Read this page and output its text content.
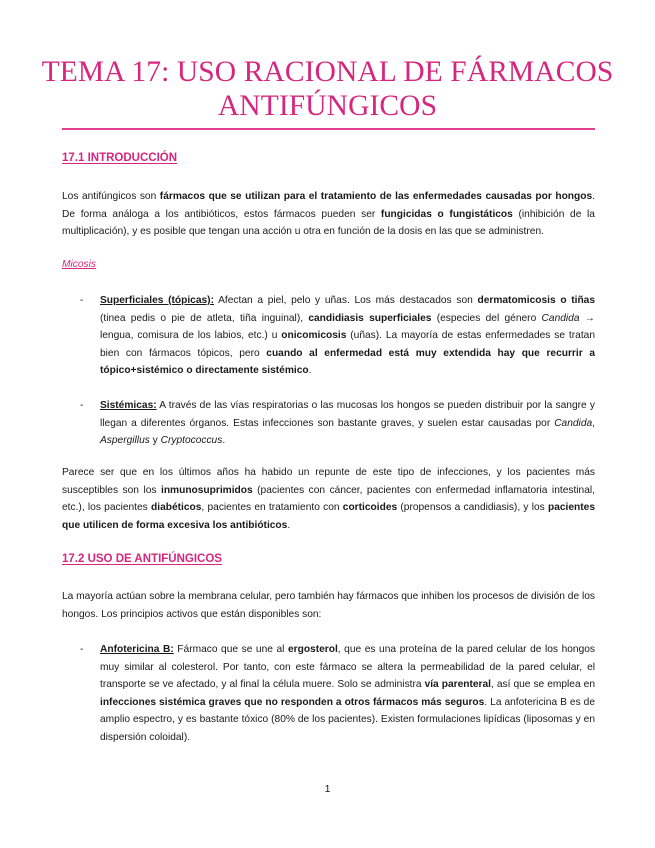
TEMA 17: USO RACIONAL DE FÁRMACOS
ANTIFÚNGICOS
17.1 INTRODUCCIÓN

Los antifúngicos son fármacos que se utilizan para el tratamiento de las enfermedades causadas por hongos. De forma análoga a los antibióticos, estos fármacos pueden ser fungicidas o fungistáticos (inhibición de la multiplicación), y es posible que tengan una acción u otra en función de la dosis en las que se administren.

Micosis

- Superficiales (tópicas): Afectan a piel, pelo y uñas. Los más destacados son dermatomicosis o tiñas (tinea pedis o pie de atleta, tiña inguinal), candidiasis superficiales (especies del género Candida → lengua, comisura de los labios, etc.) u onicomicosis (uñas). La mayoría de estas enfermedades se tratan bien con fármacos tópicos, pero cuando al enfermedad está muy extendida hay que recurrir a tópico+sistémico o directamente sistémico.

- Sistémicas: A través de las vías respiratorias o las mucosas los hongos se pueden distribuir por la sangre y llegan a diferentes órganos. Estas infecciones son bastante graves, y suelen estar causadas por Candida, Aspergillus y Cryptococcus.

Parece ser que en los últimos años ha habido un repunte de este tipo de infecciones, y los pacientes más susceptibles son los inmunosuprimidos (pacientes con cáncer, pacientes con enfermedad inflamatoria intestinal, etc.), los pacientes diabéticos, pacientes en tratamiento con corticoides (propensos a candidiasis), y los pacientes que utilicen de forma excesiva los antibióticos.

17.2 USO DE ANTIFÚNGICOS

La mayoría actúan sobre la membrana celular, pero también hay fármacos que inhiben los procesos de división de los hongos. Los principios activos que están disponibles son:

- Anfotericina B: Fármaco que se une al ergosterol, que es una proteína de la pared celular de los hongos muy similar al colesterol. Por tanto, con este fármaco se altera la permeabilidad de la pared celular, el transporte se ve afectado, y al final la célula muere. Solo se administra vía parenteral, así que se emplea en infecciones sistémica graves que no responden a otros fármacos más seguros. La anfotericina B es de amplio espectro, y es bastante tóxico (80% de los pacientes). Existen formulaciones lipídicas (liposomas y en dispersión coloidal).

1
